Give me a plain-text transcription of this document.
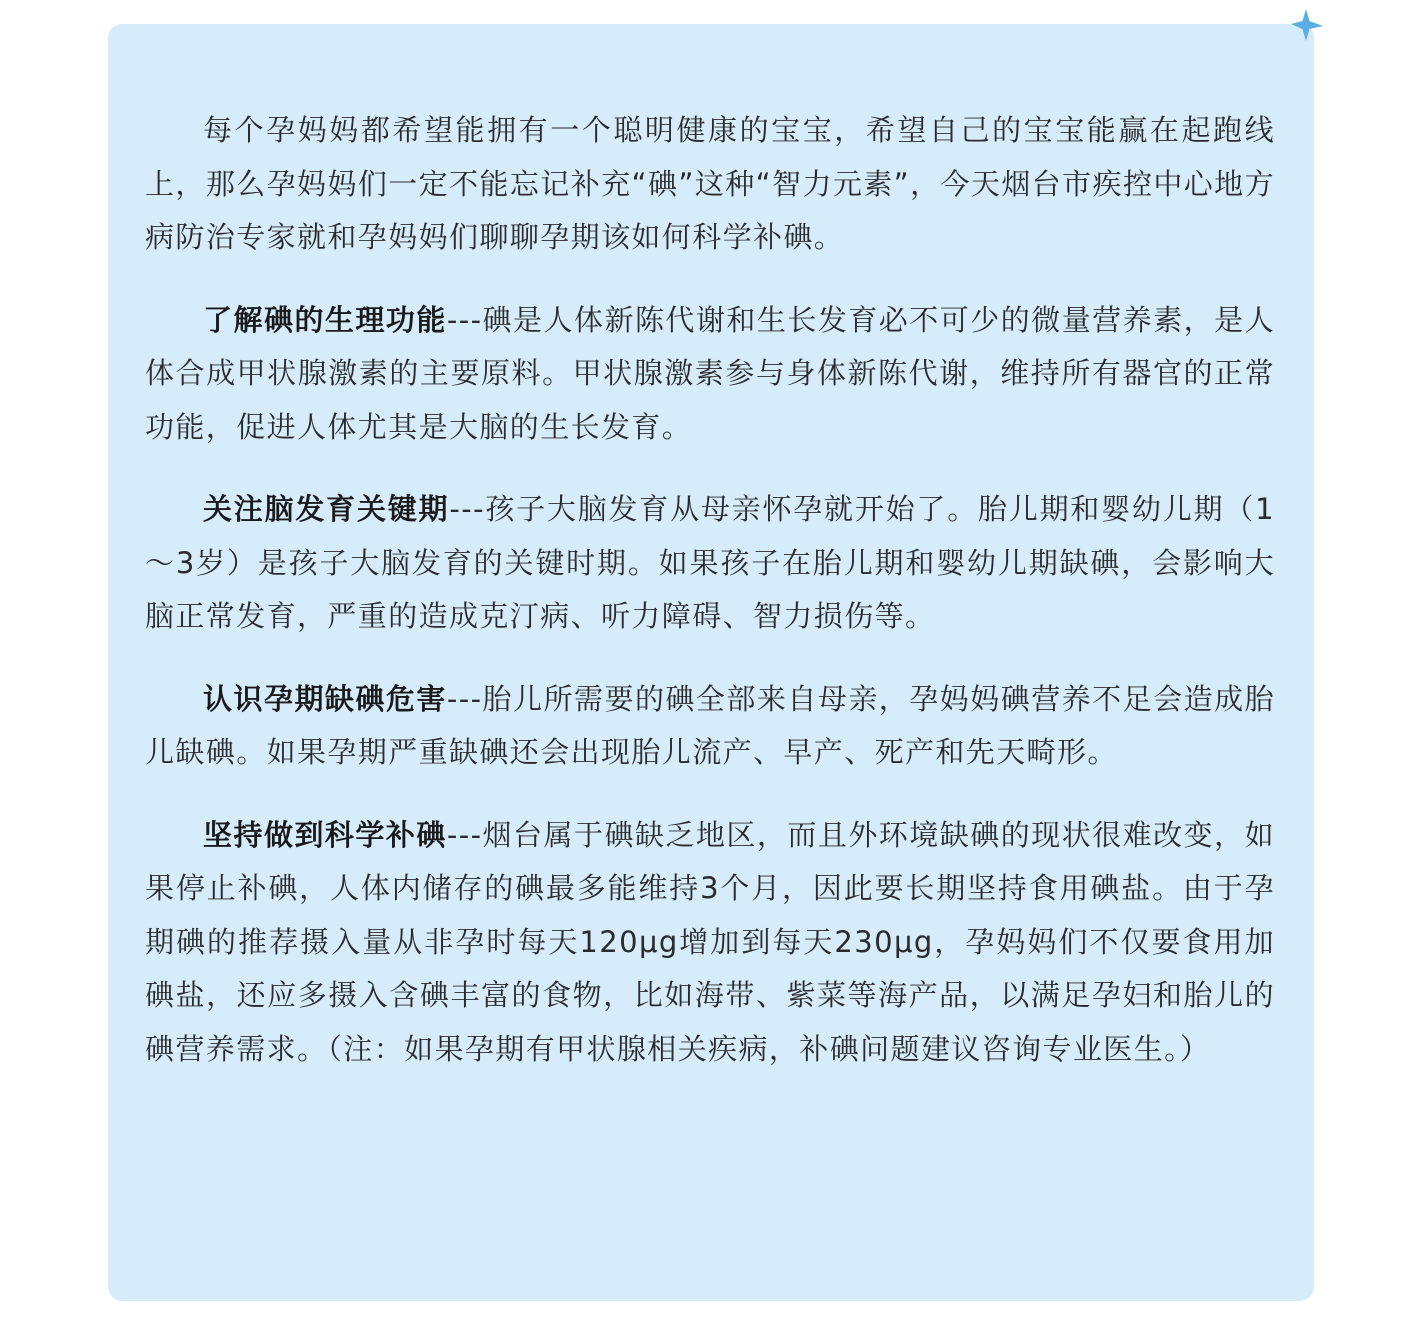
每个孕妈妈都希望能拥有一个聪明健康的宝宝，希望自己的宝宝能赢在起跑线上，那么孕妈妈们一定不能忘记补充“碘”这种“智力元素”，今天烟台市疾控中心地方病防治专家就和孕妈妈们聊聊孕期该如何科学补碘。

了解碘的生理功能---碘是人体新陈代谢和生长发育必不可少的微量营养素，是人体合成甲状腺激素的主要原料。甲状腺激素参与身体新陈代谢，维持所有器官的正常功能，促进人体尤其是大脑的生长发育。

关注脑发育关键期---孩子大脑发育从母亲怀孕就开始了。胎儿期和婴幼儿期（1～3岁）是孩子大脑发育的关键时期。如果孩子在胎儿期和婴幼儿期缺碘，会影响大脑正常发育，严重的造成克汀病、听力障碍、智力损伤等。

认识孕期缺碘危害---胎儿所需要的碘全部来自母亲，孕妈妈碘营养不足会造成胎儿缺碘。如果孕期严重缺碘还会出现胎儿流产、早产、死产和先天畸形。

坚持做到科学补碘---烟台属于碘缺乏地区，而且外环境缺碘的现状很难改变，如果停止补碘，人体内储存的碘最多能维持3个月，因此要长期坚持食用碘盐。由于孕期碘的推荐摄入量从非孕时每天120μg增加到每天230μg，孕妈妈们不仅要食用加碘盐，还应多摄入含碘丰富的食物，比如海带、紫菜等海产品，以满足孕妇和胎儿的碘营养需求。（注：如果孕期有甲状腺相关疾病，补碘问题建议咨询专业医生。）
